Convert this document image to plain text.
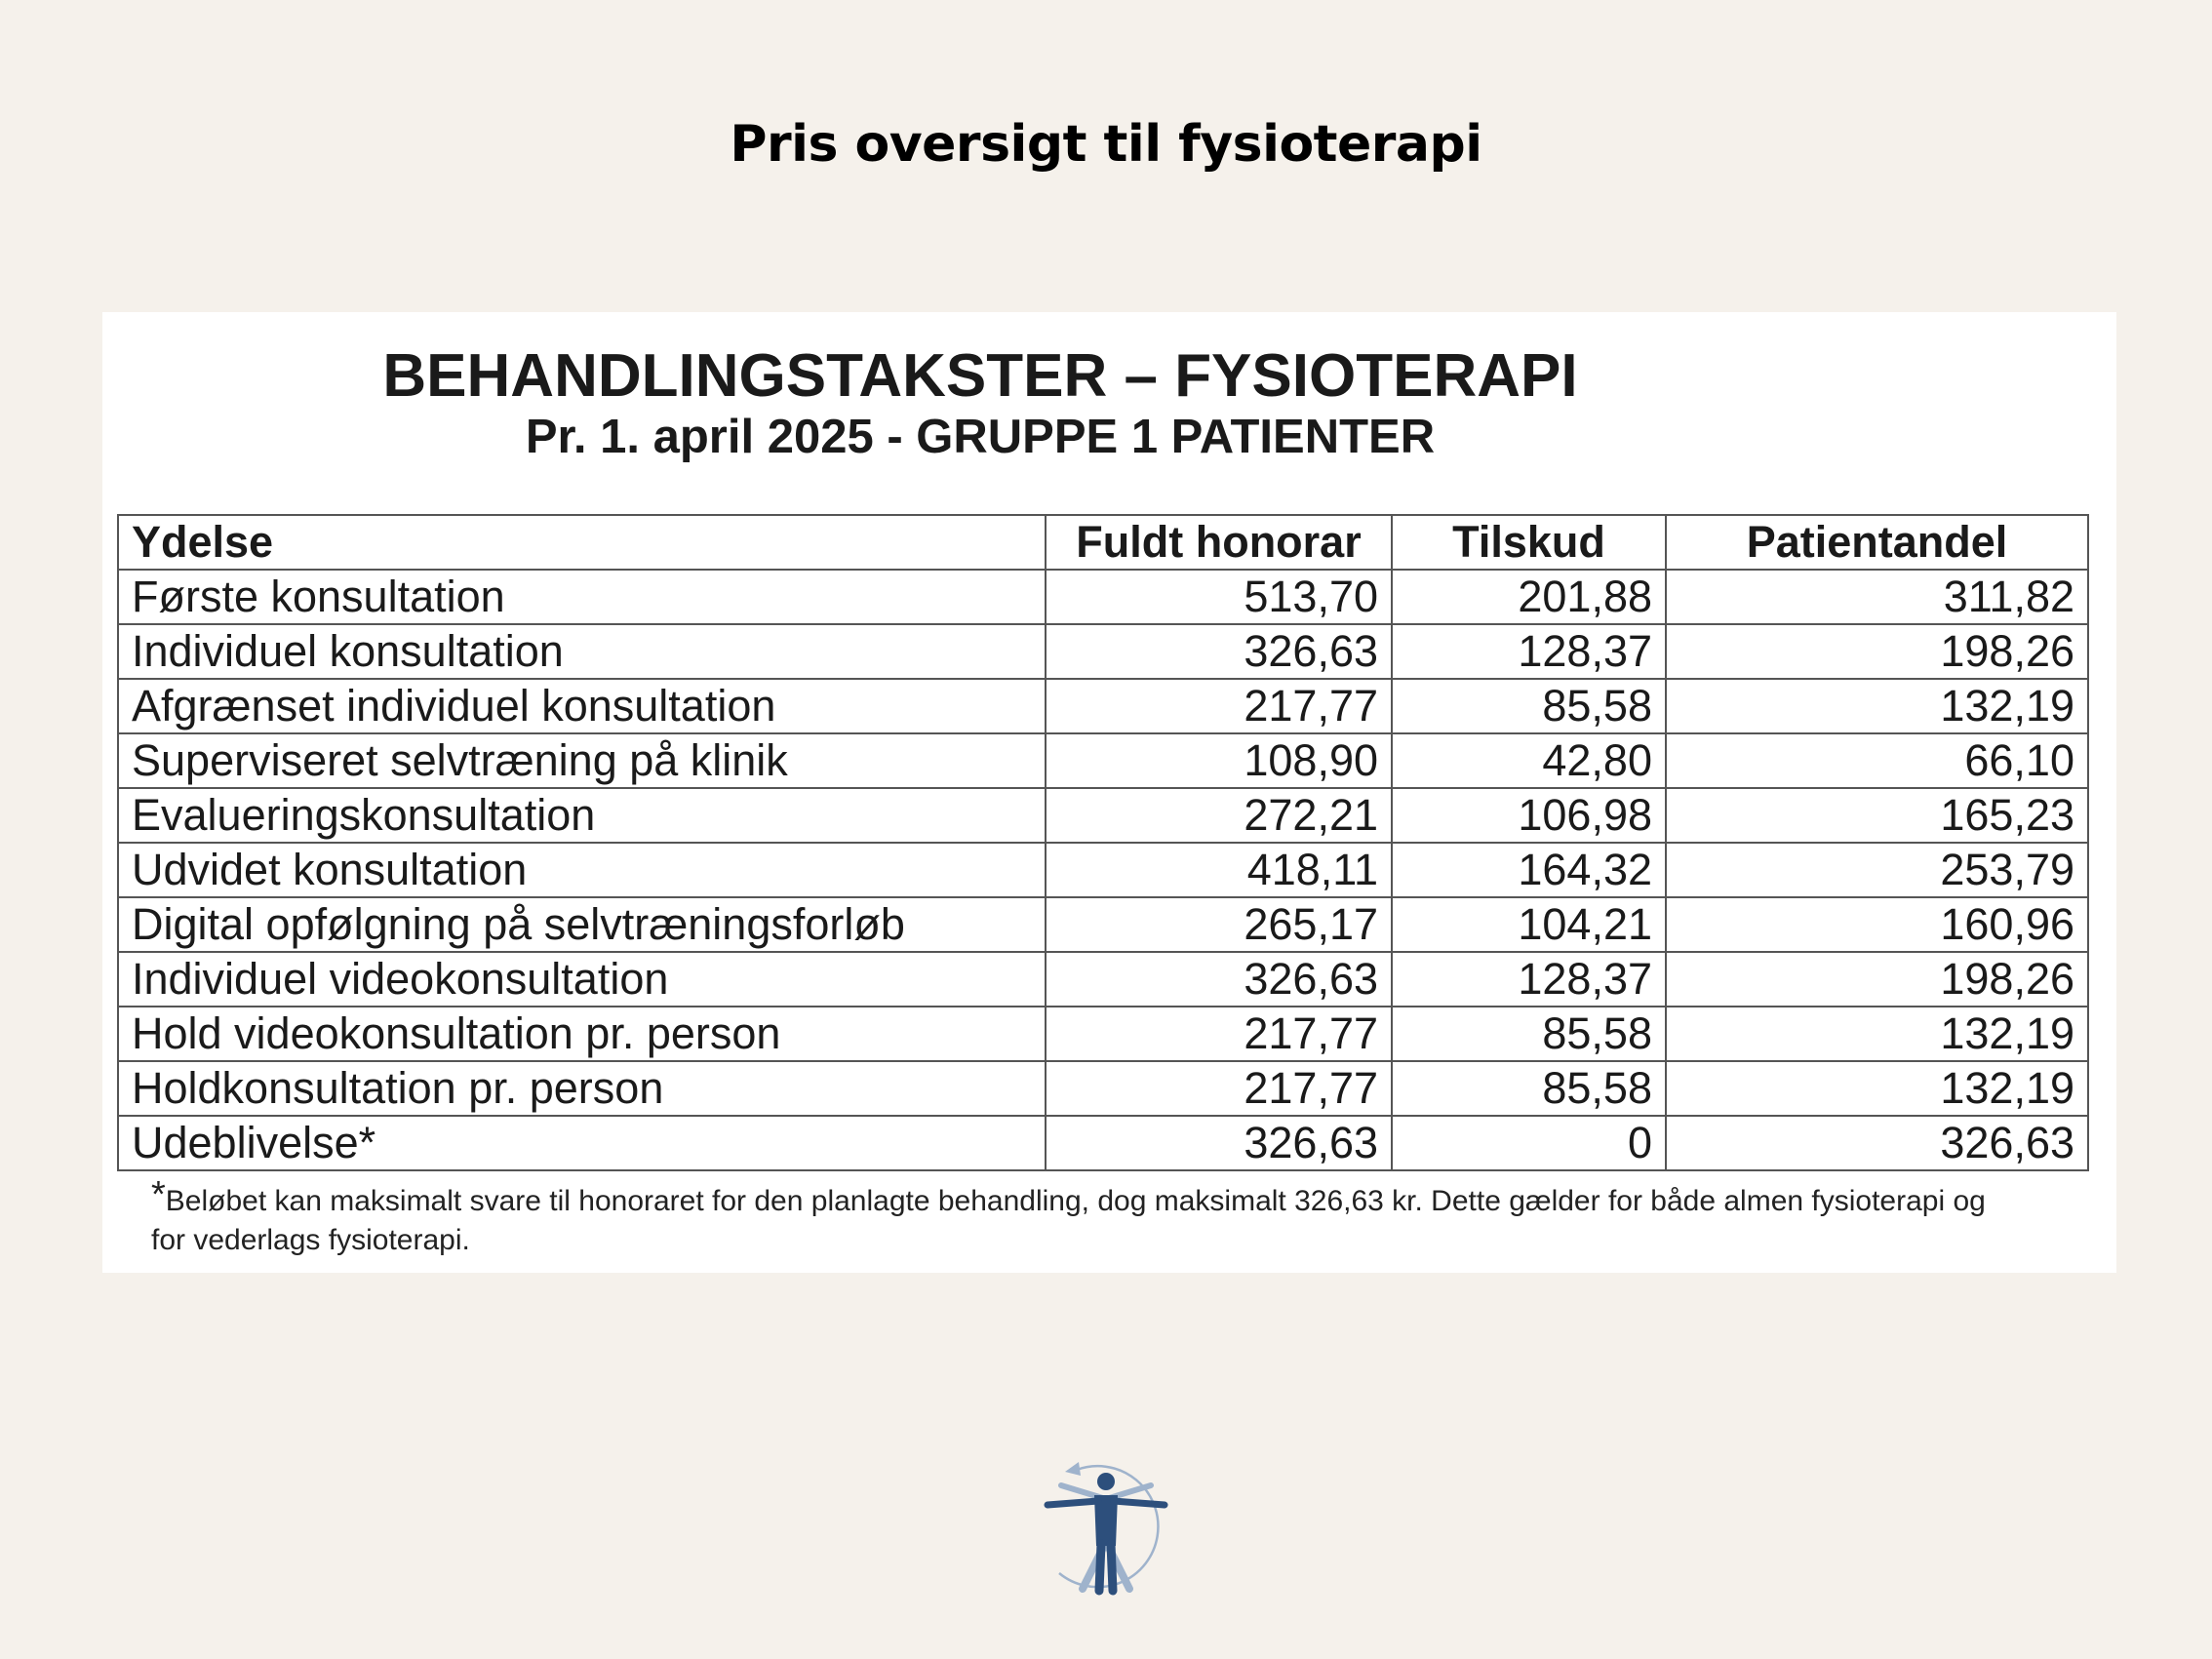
Pris oversigt til fysioterapi
BEHANDLINGSTAKSTER – FYSIOTERAPI
Pr. 1. april 2025 - GRUPPE 1 PATIENTER
Ydelse	Fuldt honorar	Tilskud	Patientandel
Første konsultation	513,70	201,88	311,82
Individuel konsultation	326,63	128,37	198,26
Afgrænset individuel konsultation	217,77	85,58	132,19
Superviseret selvtræning på klinik	108,90	42,80	66,10
Evalueringskonsultation	272,21	106,98	165,23
Udvidet konsultation	418,11	164,32	253,79
Digital opfølgning på selvtræningsforløb	265,17	104,21	160,96
Individuel videokonsultation	326,63	128,37	198,26
Hold videokonsultation pr. person	217,77	85,58	132,19
Holdkonsultation pr. person	217,77	85,58	132,19
Udeblivelse*	326,63	0	326,63
*Beløbet kan maksimalt svare til honoraret for den planlagte behandling, dog maksimalt 326,63 kr. Dette gælder for både almen fysioterapi og
for vederlags fysioterapi.
